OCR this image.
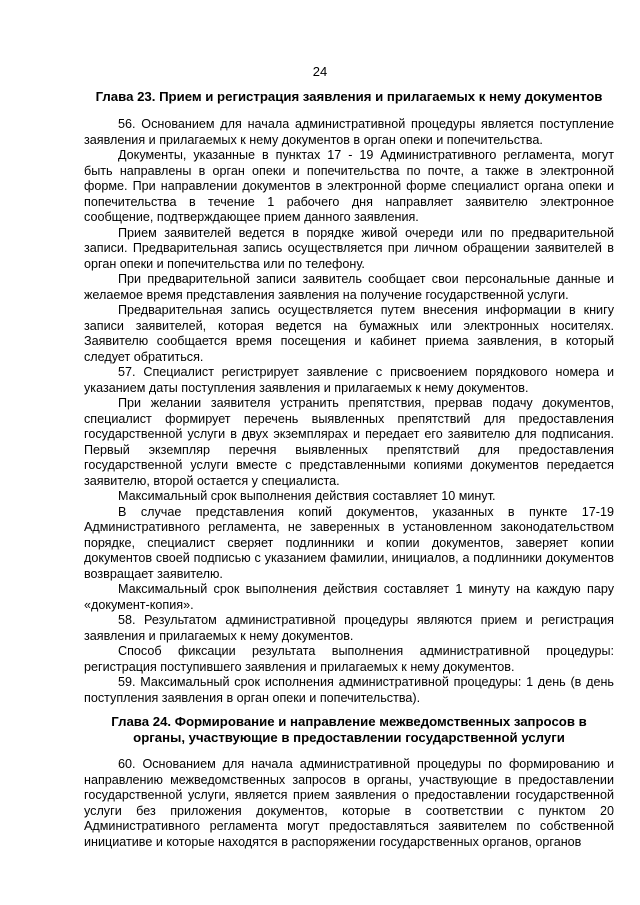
24
Глава 23. Прием и регистрация заявления и прилагаемых к нему документов

56. Основанием для начала административной процедуры является поступление заявления и прилагаемых к нему документов в орган опеки и попечительства.

Документы, указанные в пунктах 17 - 19 Административного регламента, могут быть направлены в орган опеки и попечительства по почте, а также в электронной форме. При направлении документов в электронной форме специалист органа опеки и попечительства в течение 1 рабочего дня направляет заявителю электронное сообщение, подтверждающее прием данного заявления.

Прием заявителей ведется в порядке живой очереди или по предварительной записи. Предварительная запись осуществляется при личном обращении заявителей в орган опеки и попечительства или по телефону.

При предварительной записи заявитель сообщает свои персональные данные и желаемое время представления заявления на получение государственной услуги.

Предварительная запись осуществляется путем внесения информации в книгу записи заявителей, которая ведется на бумажных или электронных носителях. Заявителю сообщается время посещения и кабинет приема заявления, в который следует обратиться.

57. Специалист регистрирует заявление с присвоением порядкового номера и указанием даты поступления заявления и прилагаемых к нему документов.

При желании заявителя устранить препятствия, прервав подачу документов, специалист формирует перечень выявленных препятствий для предоставления государственной услуги в двух экземплярах и передает его заявителю для подписания. Первый экземпляр перечня выявленных препятствий для предоставления государственной услуги вместе с представленными копиями документов передается заявителю, второй остается у специалиста.

Максимальный срок выполнения действия составляет 10 минут.

В случае представления копий документов, указанных в пункте 17-19 Административного регламента, не заверенных в установленном законодательством порядке, специалист сверяет подлинники и копии документов, заверяет копии документов своей подписью с указанием фамилии, инициалов, а подлинники документов возвращает заявителю.

Максимальный срок выполнения действия составляет 1 минуту на каждую пару «документ-копия».

58. Результатом административной процедуры являются прием и регистрация заявления и прилагаемых к нему документов.

Способ фиксации результата выполнения административной процедуры: регистрация поступившего заявления и прилагаемых к нему документов.

59. Максимальный срок исполнения административной процедуры: 1 день (в день поступления заявления в орган опеки и попечительства).

Глава 24. Формирование и направление межведомственных запросов в органы, участвующие в предоставлении государственной услуги

60. Основанием для начала административной процедуры по формированию и направлению межведомственных запросов в органы, участвующие в предоставлении государственной услуги, является прием заявления о предоставлении государственной услуги без приложения документов, которые в соответствии с пунктом 20 Административного регламента могут предоставляться заявителем по собственной инициативе и которые находятся в распоряжении государственных органов, органов
